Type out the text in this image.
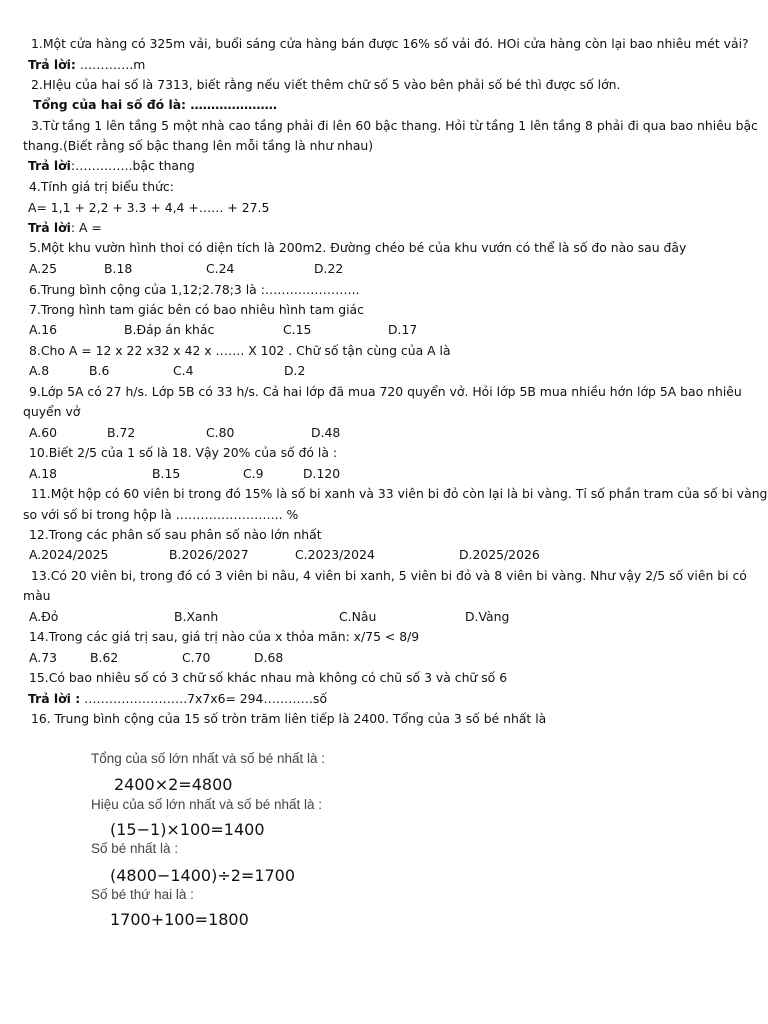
1.Một cửa hàng có 325m vải, buổi sáng cửa hàng bán được 16% số vải đó. HOi cửa hàng còn lại bao nhiêu mét vải?
Trả lời: ………….m
2.HIệu của hai số là 7313, biết rằng nếu viết thêm chữ số 5 vào bên phải số bé thì được số lớn.
Tổng của hai số đó là: …………………
3.Từ tầng 1 lên tầng 5 một nhà cao tầng phải đi lên 60 bậc thang. Hỏi từ tầng 1 lên tầng 8 phải đi qua bao nhiêu bậc
thang.(Biết rằng số bậc thang lên mỗi tầng là như nhau)
Trả lời:…………..bậc thang
4.Tính giá trị biểu thức:
A= 1,1 + 2,2 + 3.3 + 4,4 +…… + 27.5
Trả lời: A =
5.Một khu vườn hình thoi có diện tích là 200m2. Đường chéo bé của khu vướn có thể là số đo nào sau đây
A.25	B.18	C.24	D.22
6.Trung bình cộng của 1,12;2.78;3 là :…………………..
7.Trong hình tam giác bên có bao nhiêu hình tam giác
A.16	B.Đáp án khác	C.15	D.17
8.Cho A = 12 x 22 x32 x 42 x ……. X 102 . Chữ số tận cùng của A là
A.8	B.6	C.4	D.2
9.Lớp 5A có 27 h/s. Lớp 5B có 33 h/s. Cả hai lớp đã mua 720 quyển vở. Hỏi lớp 5B mua nhiều hớn lớp 5A bao nhiêu
quyển vở
A.60	B.72	C.80	D.48
10.Biết 2/5 của 1 số là 18. Vậy 20% của số đó là :
A.18	B.15	C.9	D.120
11.Một hộp có 60 viên bi trong đó 15% là số bi xanh và 33 viên bi đỏ còn lại là bi vàng. Tỉ số phần tram của số bi vàng
so với số bi trong hộp là …………………….. %
12.Trong các phân số sau phân số nào lớn nhất
A.2024/2025	B.2026/2027	C.2023/2024	D.2025/2026
13.Có 20 viên bi, trong đó có 3 viên bi nâu, 4 viên bi xanh, 5 viên bi đỏ và 8 viên bi vàng. Như vậy 2/5 số viên bi có
màu
A.Đỏ	B.Xanh	C.Nâu	D.Vàng
14.Trong các giá trị sau, giá trị nào của x thỏa mãn: x/75 < 8/9
A.73	B.62	C.70	D.68
15.Có bao nhiêu số có 3 chữ số khác nhau mà không có chũ số 3 và chữ số 6
Trả lời : …………………….7x7x6= 294…………số
16. Trung bình cộng của 15 số tròn trăm liên tiếp là 2400. Tổng của 3 số bé nhất là
Tổng của số lớn nhất và số bé nhất là :
2400×2=4800
Hiệu của số lớn nhất và số bé nhất là :
(15−1)×100=1400
Số bé nhất là :
(4800−1400)÷2=1700
Số bé thứ hai là :
1700+100=1800
